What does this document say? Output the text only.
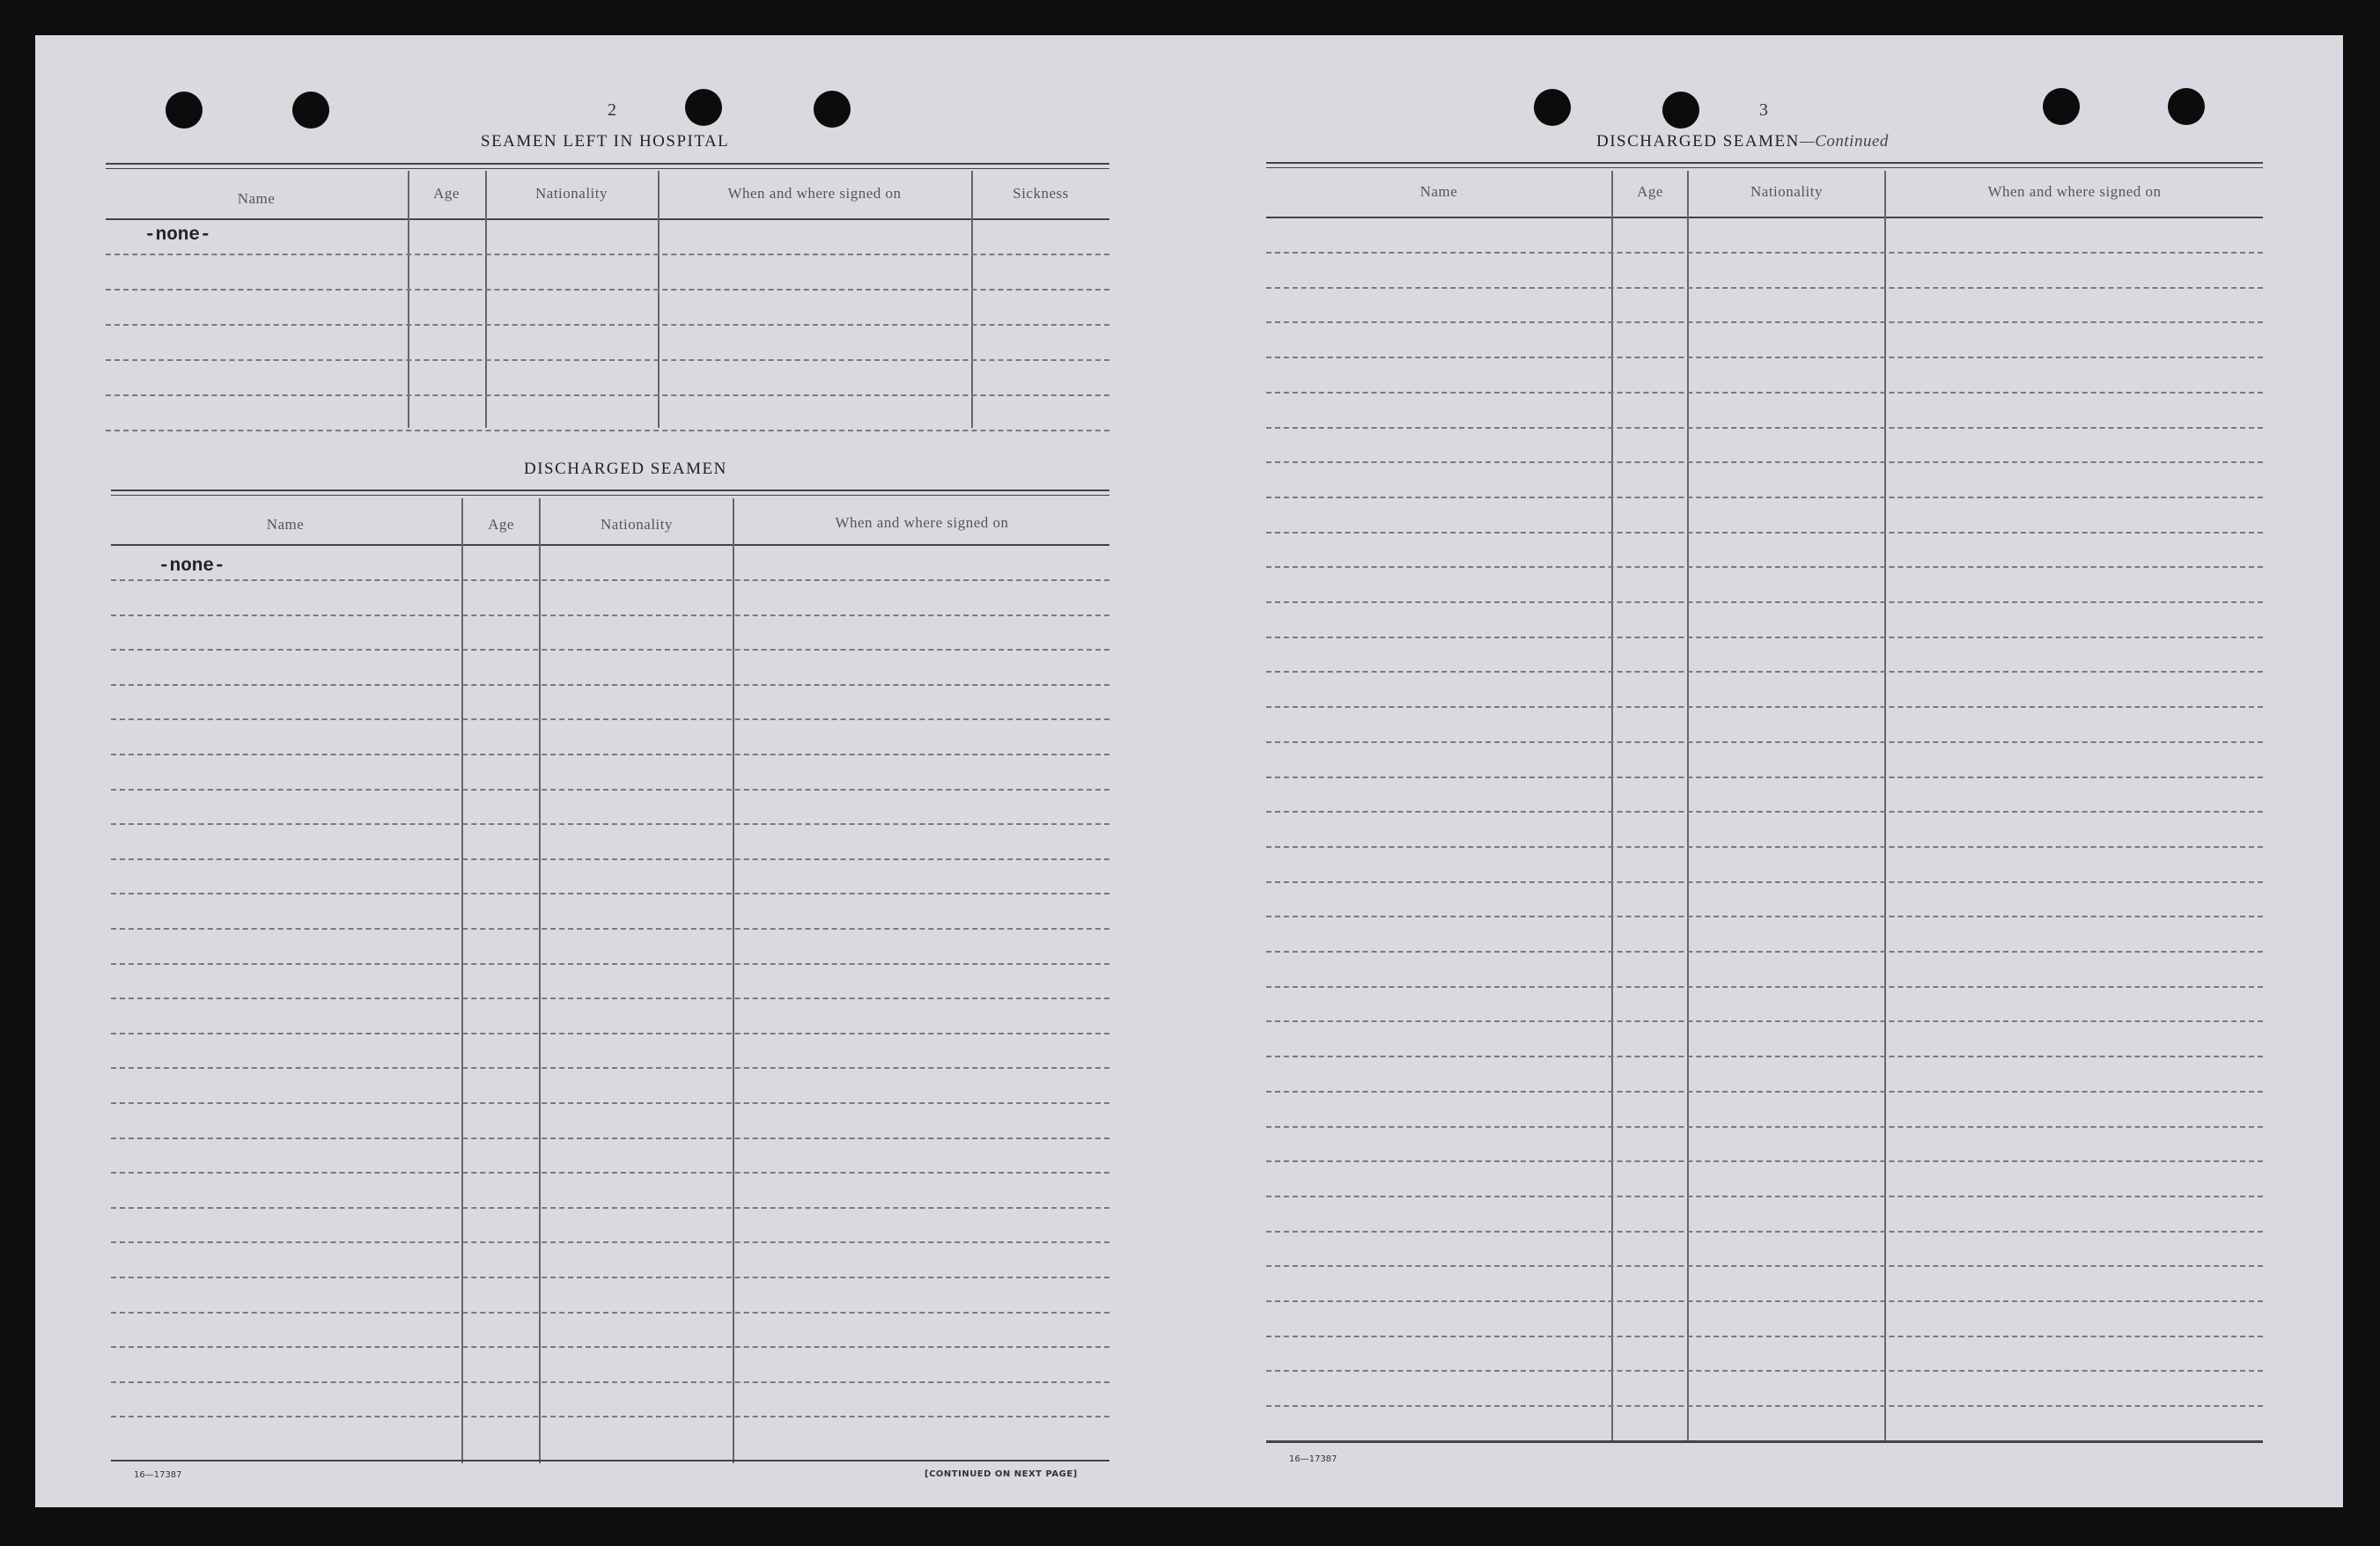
2
SEAMEN LEFT IN HOSPITAL
Name	Age	Nationality	When and where signed on	Sickness
-none-
DISCHARGED SEAMEN
Name	Age	Nationality	When and where signed on
-none-
16—17387	[CONTINUED ON NEXT PAGE]
3
DISCHARGED SEAMEN—Continued
Name	Age	Nationality	When and where signed on
16—17387
